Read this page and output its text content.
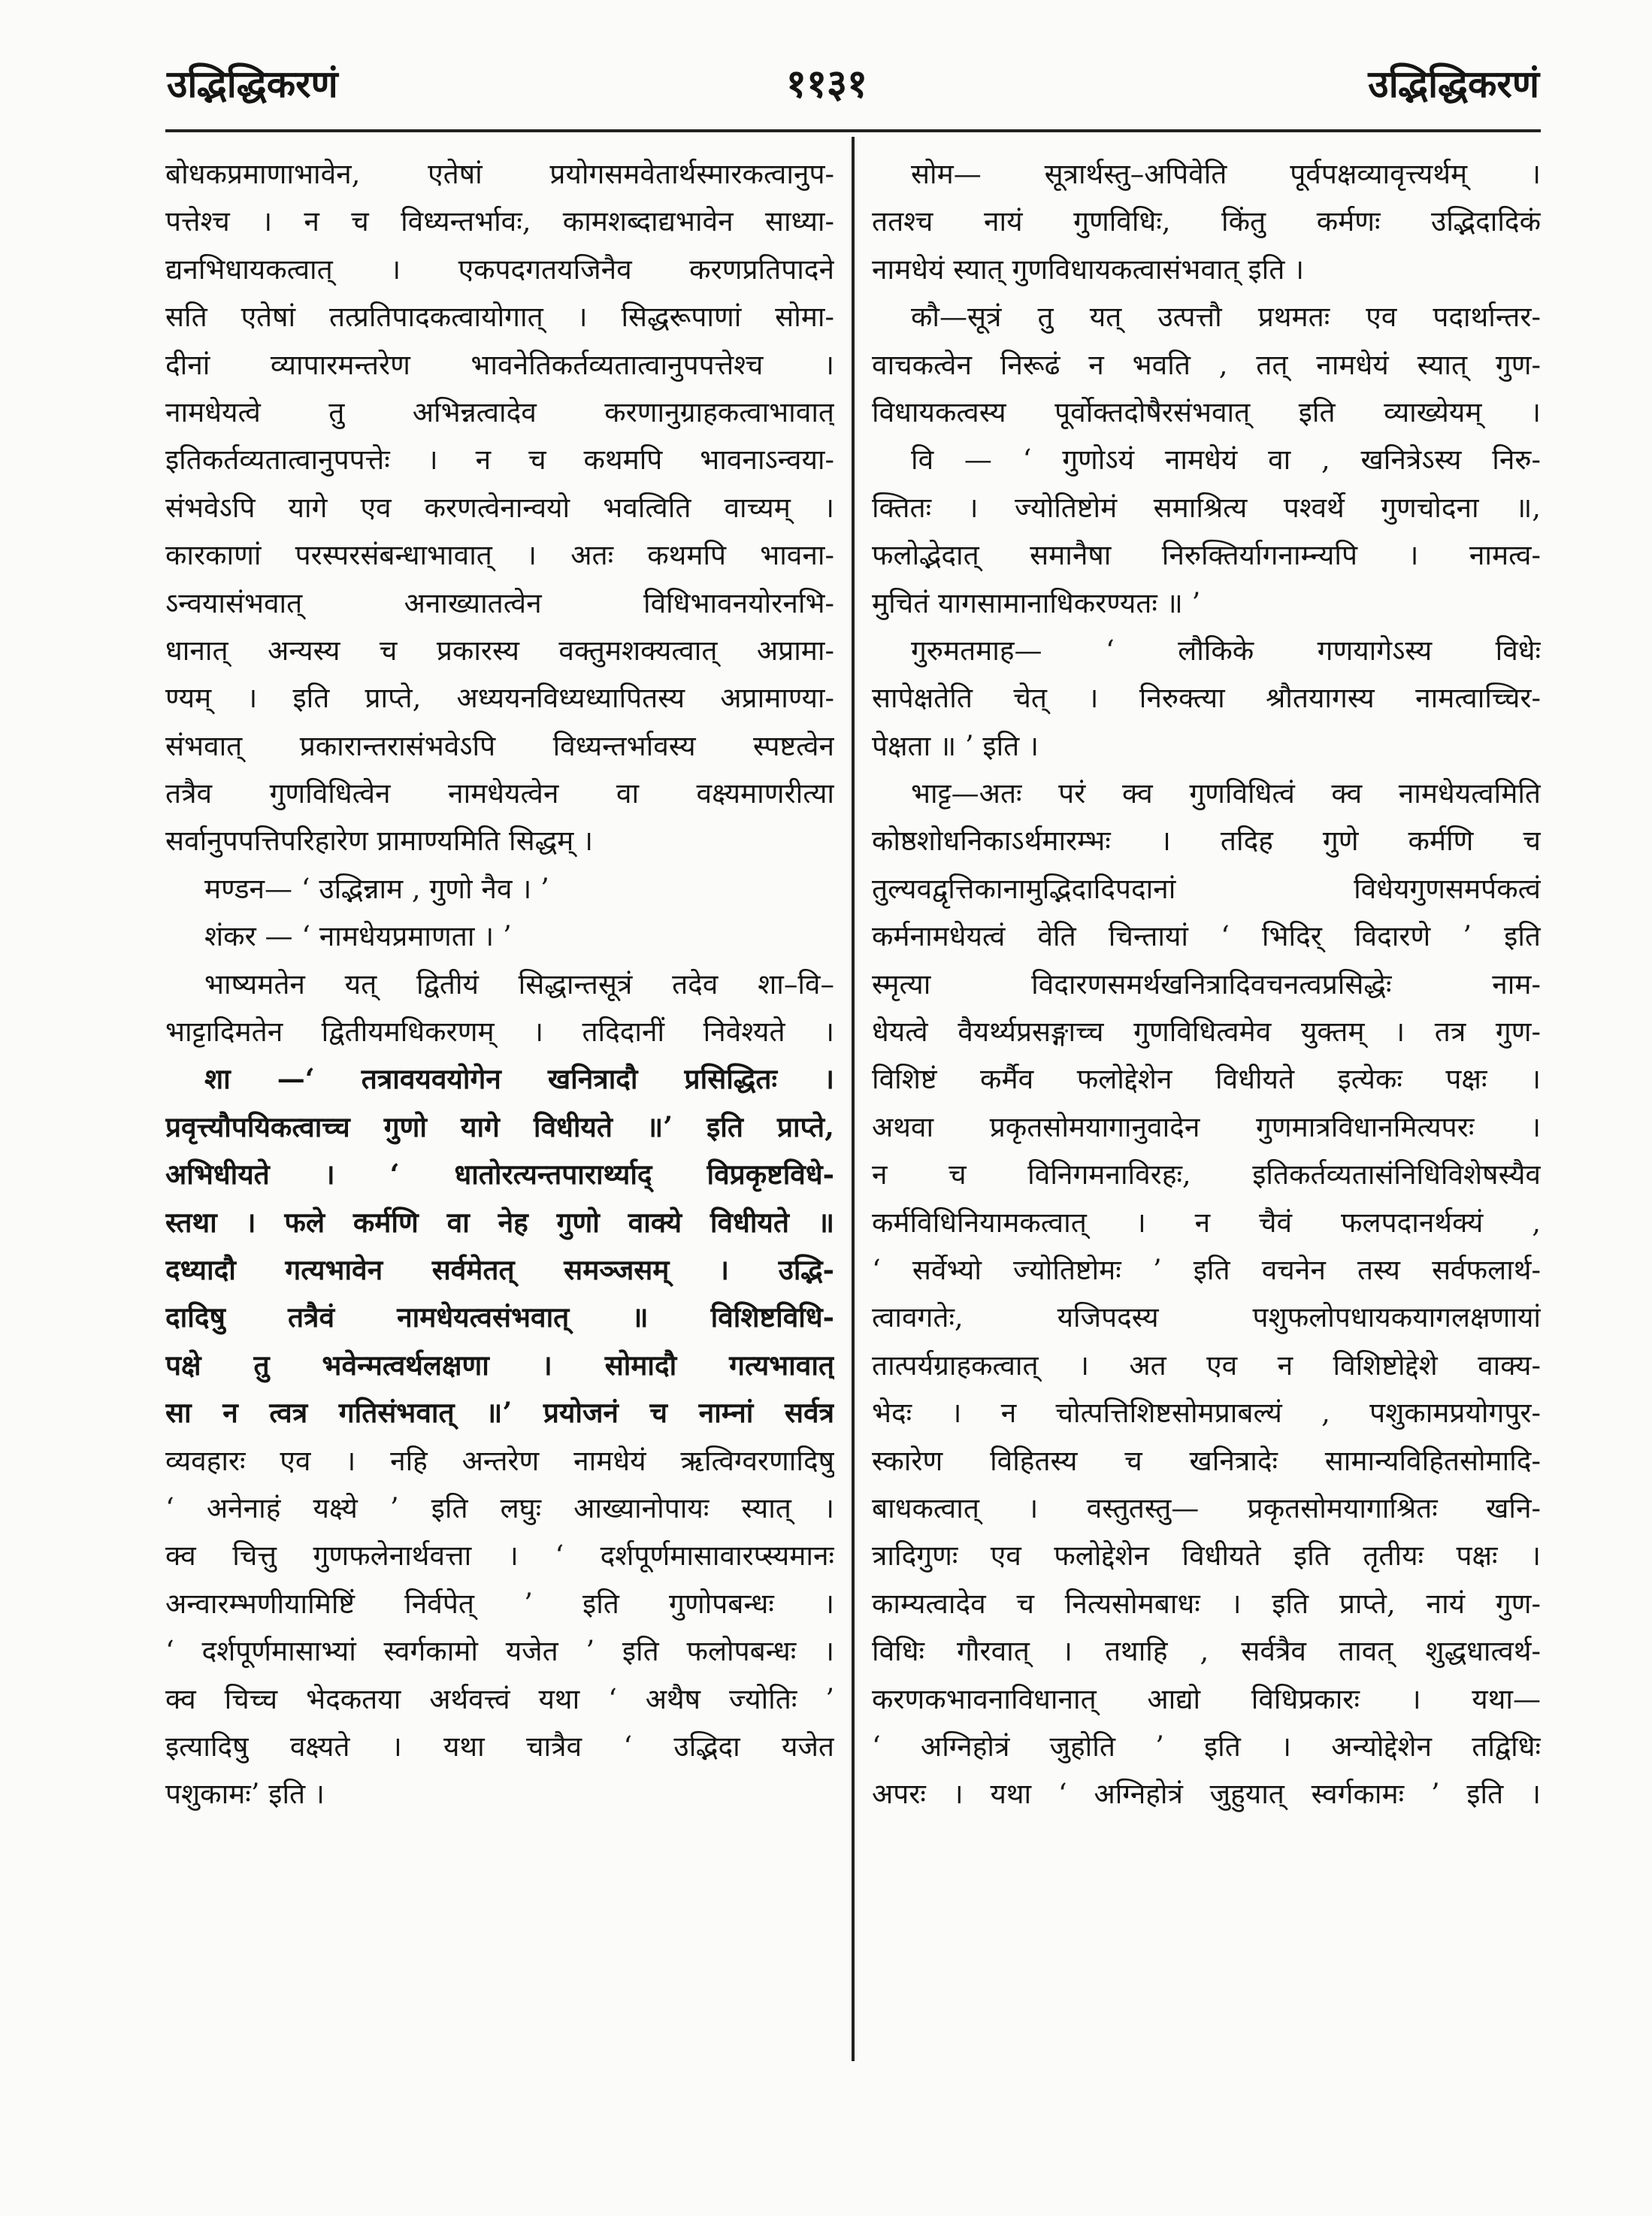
उद्भिद्धिकरणं	११३१	उद्भिद्धिकरणं
बोधकप्रमाणाभावेन, एतेषां प्रयोगसमवेतार्थस्मारकत्वानुप-
पत्तेश्च । न च विध्यन्तर्भावः, कामशब्दाद्यभावेन साध्या-
द्यनभिधायकत्वात् । एकपदगतयजिनैव करणप्रतिपादने
सति एतेषां तत्प्रतिपादकत्वायोगात् । सिद्धरूपाणां सोमा-
दीनां व्यापारमन्तरेण भावनेतिकर्तव्यतात्वानुपपत्तेश्च ।
नामधेयत्वे तु अभिन्नत्वादेव करणानुग्राहकत्वाभावात्
इतिकर्तव्यतात्वानुपपत्तेः । न च कथमपि भावनाऽन्वया-
संभवेऽपि यागे एव करणत्वेनान्वयो भवत्विति वाच्यम् ।
कारकाणां परस्परसंबन्धाभावात् । अतः कथमपि भावना-
ऽन्वयासंभवात् अनाख्यातत्वेन विधिभावनयोरनभि-
धानात् अन्यस्य च प्रकारस्य वक्तुमशक्यत्वात् अप्रामा-
ण्यम् । इति प्राप्ते, अध्ययनविध्यध्यापितस्य अप्रामाण्या-
संभवात् प्रकारान्तरासंभवेऽपि विध्यन्तर्भावस्य स्पष्टत्वेन
तत्रैव गुणविधित्वेन नामधेयत्वेन वा वक्ष्यमाणरीत्या
सर्वानुपपत्तिपरिहारेण प्रामाण्यमिति सिद्धम् ।
मण्डन— ‘ उद्भिन्नाम , गुणो नैव । ’
शंकर — ‘ नामधेयप्रमाणता । ’
भाष्यमतेन यत् द्वितीयं सिद्धान्तसूत्रं तदेव शा–वि–
भाट्टादिमतेन द्वितीयमधिकरणम् । तदिदानीं निवेश्यते ।
शा —‘ तत्रावयवयोगेन खनित्रादौ प्रसिद्धितः ।
प्रवृत्त्यौपयिकत्वाच्च गुणो यागे विधीयते ॥’ इति प्राप्ते,
अभिधीयते । ‘ धातोरत्यन्तपारार्थ्याद् विप्रकृष्टविधे-
स्तथा । फले कर्मणि वा नेह गुणो वाक्ये विधीयते ॥
दध्यादौ गत्यभावेन सर्वमेतत् समञ्जसम् । उद्भि-
दादिषु तत्रैवं नामधेयत्वसंभवात् ॥ विशिष्टविधि-
पक्षे तु भवेन्मत्वर्थलक्षणा । सोमादौ गत्यभावात्
सा न त्वत्र गतिसंभवात् ॥’ प्रयोजनं च नाम्नां सर्वत्र
व्यवहारः एव । नहि अन्तरेण नामधेयं ऋत्विग्वरणादिषु
‘ अनेनाहं यक्ष्ये ’ इति लघुः आख्यानोपायः स्यात् ।
क्व चित्तु गुणफलेनार्थवत्ता । ‘ दर्शपूर्णमासावारप्स्यमानः
अन्वारम्भणीयामिष्टिं निर्वपेत् ’ इति गुणोपबन्धः ।
‘ दर्शपूर्णमासाभ्यां स्वर्गकामो यजेत ’ इति फलोपबन्धः ।
क्व चिच्च भेदकतया अर्थवत्त्वं यथा ‘ अथैष ज्योतिः ’
इत्यादिषु वक्ष्यते । यथा चात्रैव ‘ उद्भिदा यजेत
पशुकामः’ इति ।
सोम— सूत्रार्थस्तु–अपिवेति पूर्वपक्षव्यावृत्त्यर्थम् ।
ततश्च नायं गुणविधिः, किंतु कर्मणः उद्भिदादिकं
नामधेयं स्यात् गुणविधायकत्वासंभवात् इति ।
कौ—सूत्रं तु यत् उत्पत्तौ प्रथमतः एव पदार्थान्तर-
वाचकत्वेन निरूढं न भवति , तत् नामधेयं स्यात् गुण-
विधायकत्वस्य पूर्वोक्तदोषैरसंभवात् इति व्याख्येयम् ।
वि — ‘ गुणोऽयं नामधेयं वा , खनित्रेऽस्य निरु-
क्तितः । ज्योतिष्टोमं समाश्रित्य पश्वर्थे गुणचोदना ॥,
फलोद्भेदात् समानैषा निरुक्तिर्यागनाम्न्यपि । नामत्व-
मुचितं यागसामानाधिकरण्यतः ॥ ’
गुरुमतमाह— ‘ लौकिके गणयागेऽस्य विधेः
सापेक्षतेति चेत् । निरुक्त्या श्रौतयागस्य नामत्वाच्चिर-
पेक्षता ॥ ’ इति ।
भाट्ट—अतः परं क्व गुणविधित्वं क्व नामधेयत्वमिति
कोष्ठशोधनिकाऽर्थमारम्भः । तदिह गुणे कर्मणि च
तुल्यवद्वृत्तिकानामुद्भिदादिपदानां विधेयगुणसमर्पकत्वं
कर्मनामधेयत्वं वेति चिन्तायां ‘ भिदिर् विदारणे ’ इति
स्मृत्या विदारणसमर्थखनित्रादिवचनत्वप्रसिद्धेः नाम-
धेयत्वे वैयर्थ्यप्रसङ्गाच्च गुणविधित्वमेव युक्तम् । तत्र गुण-
विशिष्टं कर्मैव फलोद्देशेन विधीयते इत्येकः पक्षः ।
अथवा प्रकृतसोमयागानुवादेन गुणमात्रविधानमित्यपरः ।
न च विनिगमनाविरहः, इतिकर्तव्यतासंनिधिविशेषस्यैव
कर्मविधिनियामकत्वात् । न चैवं फलपदानर्थक्यं ,
‘ सर्वेभ्यो ज्योतिष्टोमः ’ इति वचनेन तस्य सर्वफलार्थ-
त्वावगतेः, यजिपदस्य पशुफलोपधायकयागलक्षणायां
तात्पर्यग्राहकत्वात् । अत एव न विशिष्टोद्देशे वाक्य-
भेदः । न चोत्पत्तिशिष्टसोमप्राबल्यं , पशुकामप्रयोगपुर-
स्कारेण विहितस्य च खनित्रादेः सामान्यविहितसोमादि-
बाधकत्वात् । वस्तुतस्तु— प्रकृतसोमयागाश्रितः खनि-
त्रादिगुणः एव फलोद्देशेन विधीयते इति तृतीयः पक्षः ।
काम्यत्वादेव च नित्यसोमबाधः । इति प्राप्ते, नायं गुण-
विधिः गौरवात् । तथाहि , सर्वत्रैव तावत् शुद्धधात्वर्थ-
करणकभावनाविधानात् आद्यो विधिप्रकारः । यथा—
‘ अग्निहोत्रं जुहोति ’ इति । अन्योद्देशेन तद्विधिः
अपरः । यथा ‘ अग्निहोत्रं जुहुयात् स्वर्गकामः ’ इति ।
